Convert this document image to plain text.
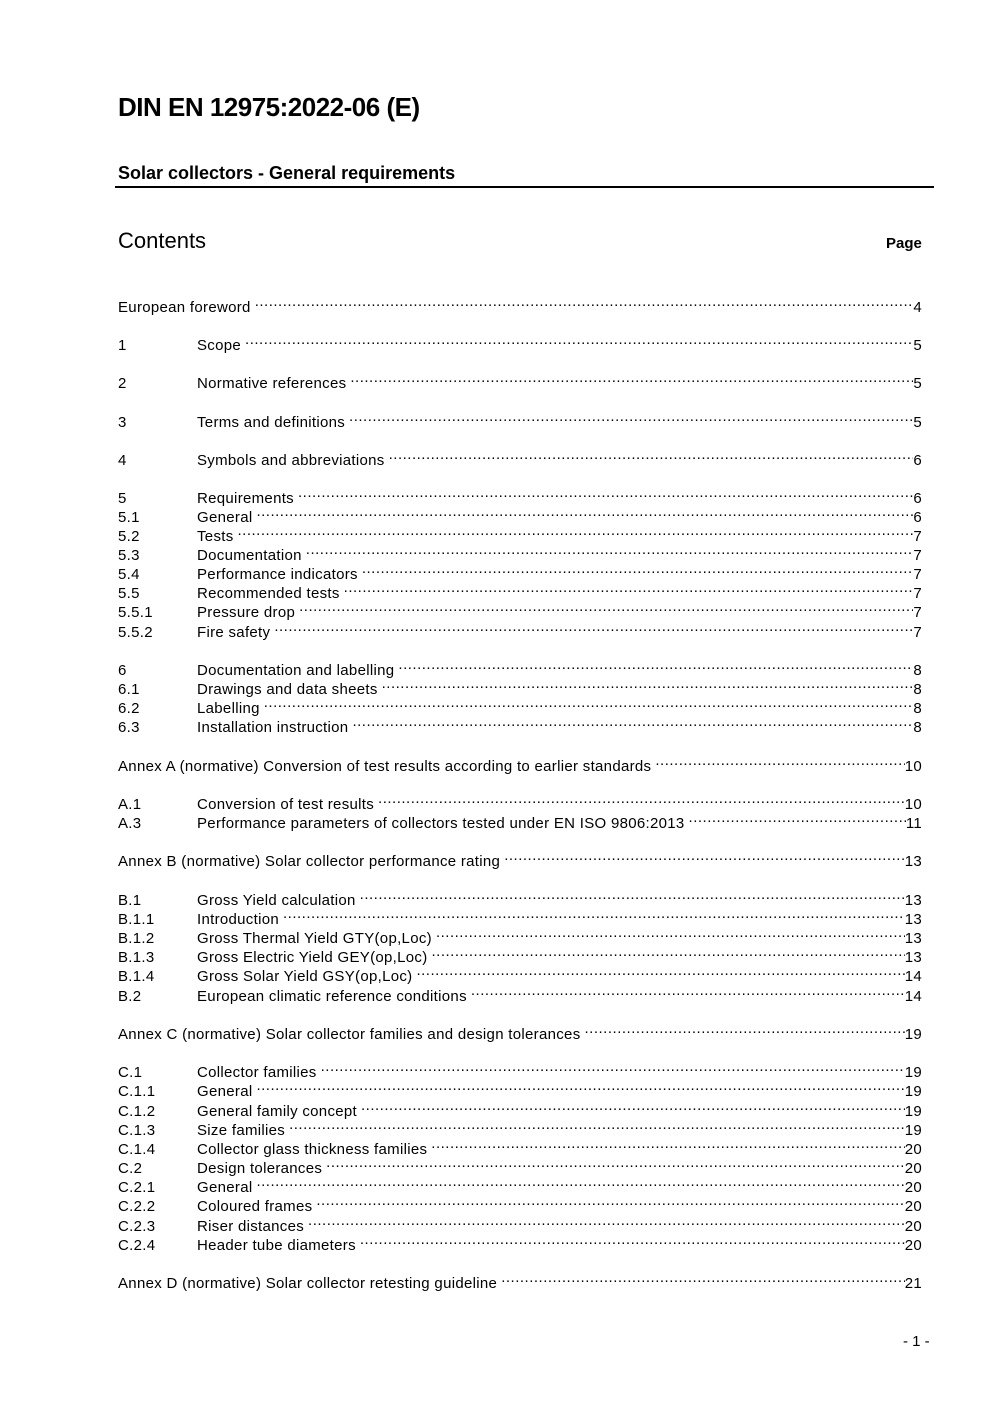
DIN EN 12975:2022-06 (E)
Solar collectors - General requirements
Contents	Page
European foreword .....	4
1	Scope .....	5
2	Normative references .....	5
3	Terms and definitions .....	5
4	Symbols and abbreviations .....	6
5	Requirements .....	6
5.1	General .....	6
5.2	Tests .....	7
5.3	Documentation .....	7
5.4	Performance indicators .....	7
5.5	Recommended tests .....	7
5.5.1	Pressure drop .....	7
5.5.2	Fire safety .....	7
6	Documentation and labelling .....	8
6.1	Drawings and data sheets .....	8
6.2	Labelling .....	8
6.3	Installation instruction .....	8
Annex A (normative) Conversion of test results according to earlier standards .....	10
A.1	Conversion of test results .....	10
A.3	Performance parameters of collectors tested under EN ISO 9806:2013 .....	11
Annex B (normative) Solar collector performance rating .....	13
B.1	Gross Yield calculation .....	13
B.1.1	Introduction .....	13
B.1.2	Gross Thermal Yield GTY(op,Loc) .....	13
B.1.3	Gross Electric Yield GEY(op,Loc) .....	13
B.1.4	Gross Solar Yield GSY(op,Loc) .....	14
B.2	European climatic reference conditions .....	14
Annex C (normative) Solar collector families and design tolerances .....	19
C.1	Collector families .....	19
C.1.1	General .....	19
C.1.2	General family concept .....	19
C.1.3	Size families .....	19
C.1.4	Collector glass thickness families .....	20
C.2	Design tolerances .....	20
C.2.1	General .....	20
C.2.2	Coloured frames .....	20
C.2.3	Riser distances .....	20
C.2.4	Header tube diameters .....	20
Annex D (normative) Solar collector retesting guideline .....	21
- 1 -
